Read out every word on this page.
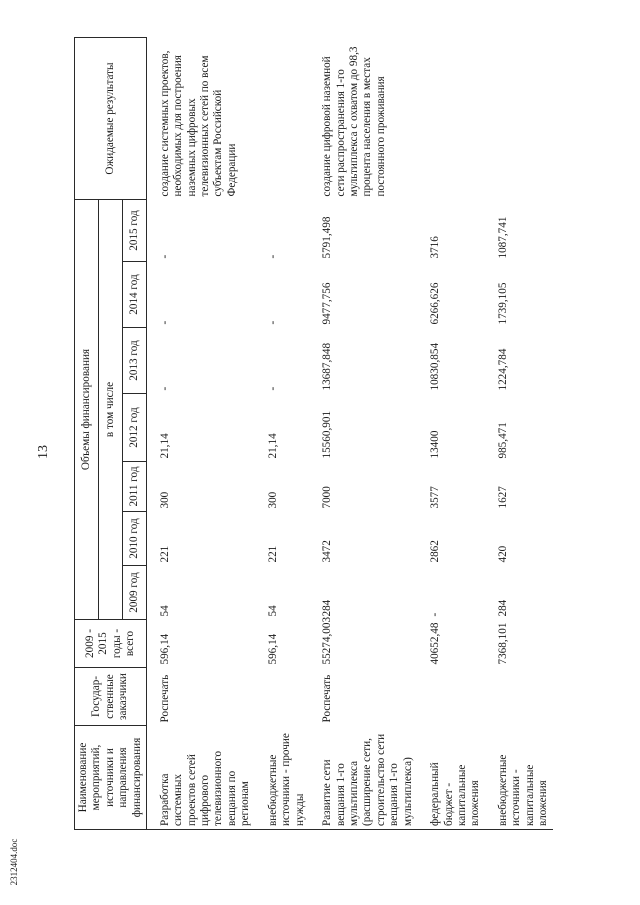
13
2312404.doc
Наименование мероприятий, источники и направления финансирования	Государ-ственные заказчики	2009 - 2015 годы - всего	Объемы финансирования							Ожидаемые результаты
			в том числе							
			2009 год	2010 год	2011 год	2012 год	2013 год	2014 год	2015 год	

Разработка системных проектов сетей цифрового телевизионного вещания по регионам	Роспечать	596,14	54	221	300	21,14	-	-	-	создание системных проектов, необходимых для построения наземных цифровых телевизионных сетей по всем субъектам Российской Федерации

внебюджетные источники - прочие нужды		596,14	54	221	300	21,14	-	-	-	

Развитие сети вещания 1-го мультиплекса (расширение сети, строительство сети вещания 1-го мультиплекса)	Роспечать	55274,003	284	3472	7000	15560,901	13687,848	9477,756	5791,498	создание цифровой наземной сети распространения 1-го мультиплекса с охватом до 98,3 процента населения в местах постоянного проживания

федеральный бюджет - капитальные вложения		40652,48	-	2862	3577	13400	10830,854	6266,626	3716	

внебюджетные источники - капитальные вложения		7368,101	284	420	1627	985,471	1224,784	1739,105	1087,741	
